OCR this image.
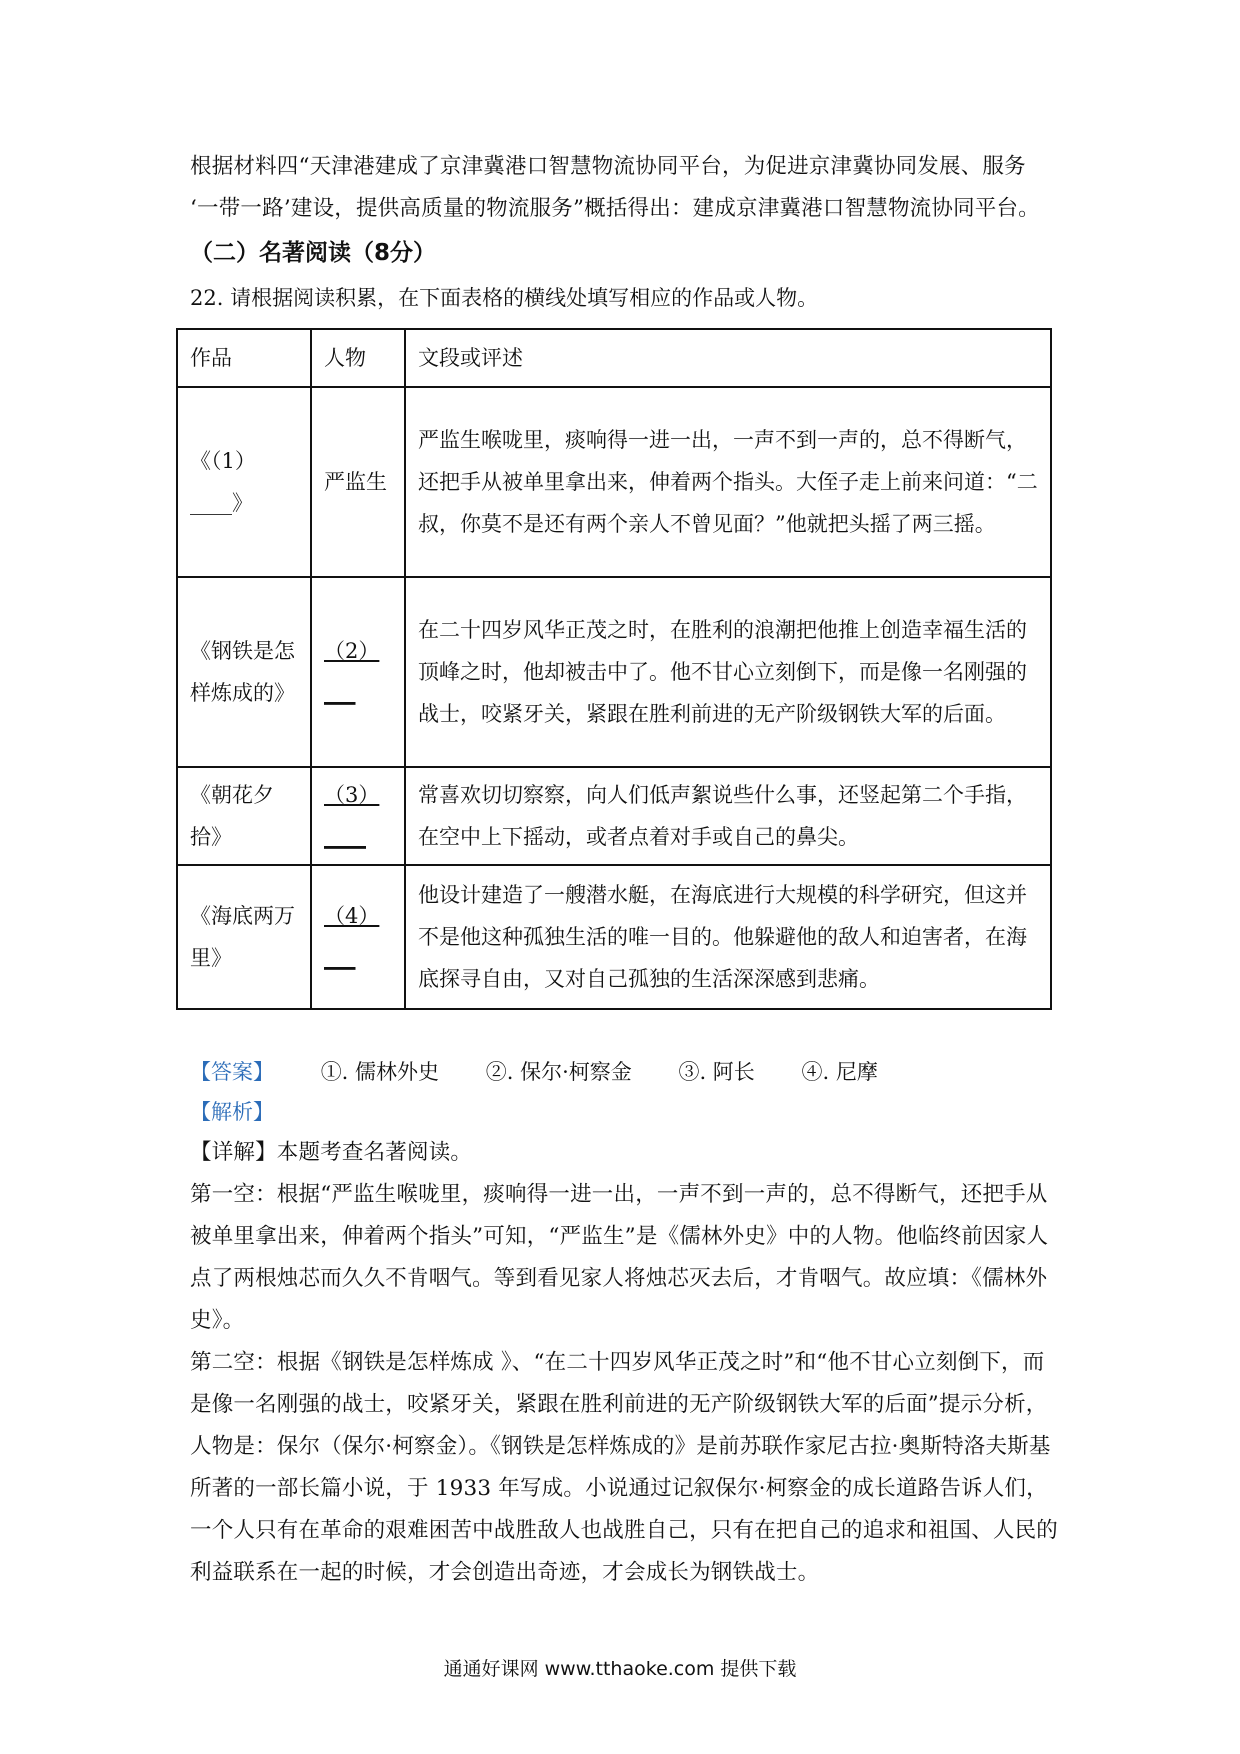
根据材料四“天津港建成了京津冀港口智慧物流协同平台，为促进京津冀协同发展、服务

‘一带一路’建设，提供高质量的物流服务”概括得出：建成京津冀港口智慧物流协同平台。

（二）名著阅读（8分）

22. 请根据阅读积累，在下面表格的横线处填写相应的作品或人物。

作品	人物	文段或评述
《（1）____》	严监生	严监生喉咙里，痰响得一进一出，一声不到一声的，总不得断气，还把手从被单里拿出来，伸着两个指头。大侄子走上前来问道：“二叔，你莫不是还有两个亲人不曾见面？”他就把头摇了两三摇。
《钢铁是怎样炼成的》	（2）___	在二十四岁风华正茂之时，在胜利的浪潮把他推上创造幸福生活的顶峰之时，他却被击中了。他不甘心立刻倒下，而是像一名刚强的战士，咬紧牙关，紧跟在胜利前进的无产阶级钢铁大军的后面。
《朝花夕拾》	（3）____	常喜欢切切察察，向人们低声絮说些什么事，还竖起第二个手指，在空中上下摇动，或者点着对手或自己的鼻尖。
《海底两万里》	（4）___	他设计建造了一艘潜水艇，在海底进行大规模的科学研究，但这并不是他这种孤独生活的唯一目的。他躲避他的敌人和迫害者，在海底探寻自由，又对自己孤独的生活深深感到悲痛。

【答案】 ①. 儒林外史 ②. 保尔·柯察金 ③. 阿长 ④. 尼摩

【解析】

【详解】本题考查名著阅读。

第一空：根据“严监生喉咙里，痰响得一进一出，一声不到一声的，总不得断气，还把手从被单里拿出来，伸着两个指头”可知，“严监生”是《儒林外史》中的人物。他临终前因家人点了两根烛芯而久久不肯咽气。等到看见家人将烛芯灭去后，才肯咽气。故应填：《儒林外史》。

第二空：根据《钢铁是怎样炼成 》、“在二十四岁风华正茂之时”和“他不甘心立刻倒下，而是像一名刚强的战士，咬紧牙关，紧跟在胜利前进的无产阶级钢铁大军的后面”提示分析，人物是：保尔（保尔·柯察金）。《钢铁是怎样炼成的》是前苏联作家尼古拉·奥斯特洛夫斯基所著的一部长篇小说，于 1933 年写成。小说通过记叙保尔·柯察金的成长道路告诉人们，一个人只有在革命的艰难困苦中战胜敌人也战胜自己，只有在把自己的追求和祖国、人民的利益联系在一起的时候，才会创造出奇迹，才会成长为钢铁战士。

通通好课网 www.tthaoke.com 提供下载
